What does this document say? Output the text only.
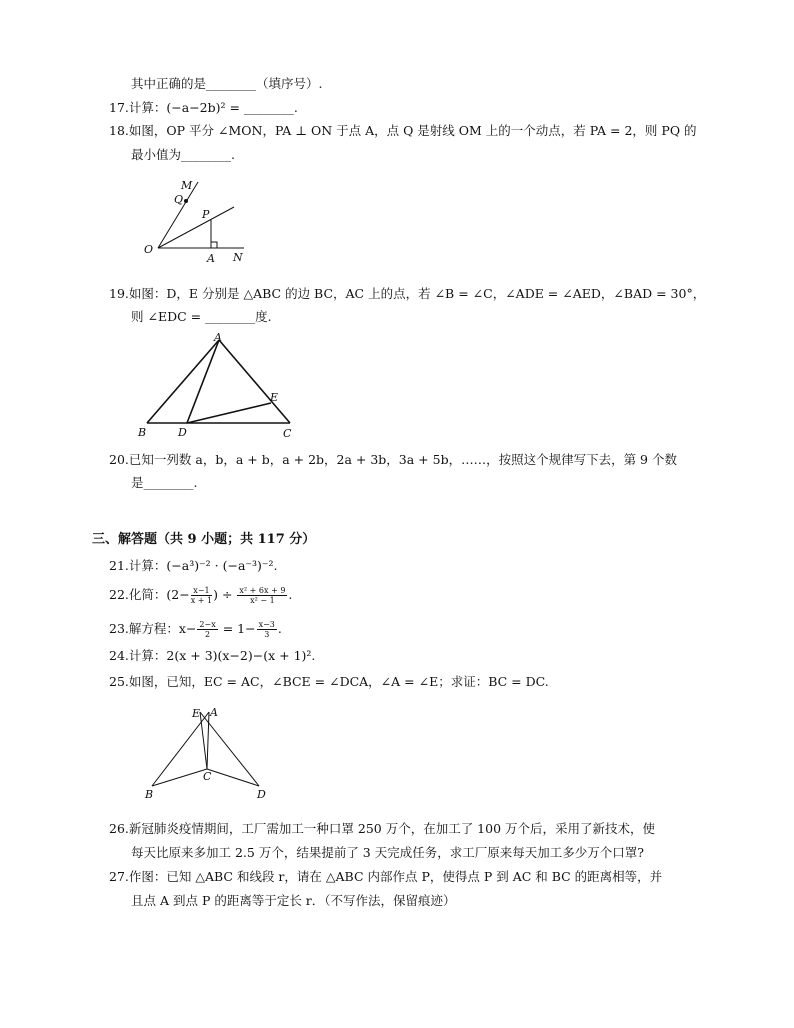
其中正确的是________（填序号）.
17.计算：(−a−2b)² = ________.
18.如图，OP 平分 ∠MON，PA ⊥ ON 于点 A，点 Q 是射线 OM 上的一个动点，若 PA = 2，则 PQ 的
最小值为________.
M
Q
P
O
A N
19.如图：D，E 分别是 △ABC 的边 BC，AC 上的点，若 ∠B = ∠C，∠ADE = ∠AED，∠BAD = 30°，
则 ∠EDC = ________度.
A
E
B	D	C
20.已知一列数 a，b，a + b，a + 2b，2a + 3b，3a + 5b，……，按照这个规律写下去，第 9 个数
是________.
三、解答题（共 9 小题；共 117 分）
21.计算：(−a³)⁻² · (−a⁻³)⁻².
22.化简：($2- \frac{x-1}{x + 1}$ ) ÷ $\frac{\text{x² + 6x + 9}}{\text{x² − 1}}$ .
23.解方程：$x- \frac{2-x}{2} = 1- \frac{x-3}{3}$ .
24.计算：2(x + 3)(x−2)−(x + 1)².
25.如图，已知，EC = AC，∠BCE = ∠DCA，∠A = ∠E；求证：BC = DC.
E A
C
B	D
26.新冠肺炎疫情期间，工厂需加工一种口罩 250 万个，在加工了 100 万个后，采用了新技术，使
每天比原来多加工 2.5 万个，结果提前了 3 天完成任务，求工厂原来每天加工多少万个口罩?
27.作图：已知 △ABC 和线段 r，请在 △ABC 内部作点 P，使得点 P 到 AC 和 BC 的距离相等，并
且点 A 到点 P 的距离等于定长 r．（不写作法，保留痕迹）
